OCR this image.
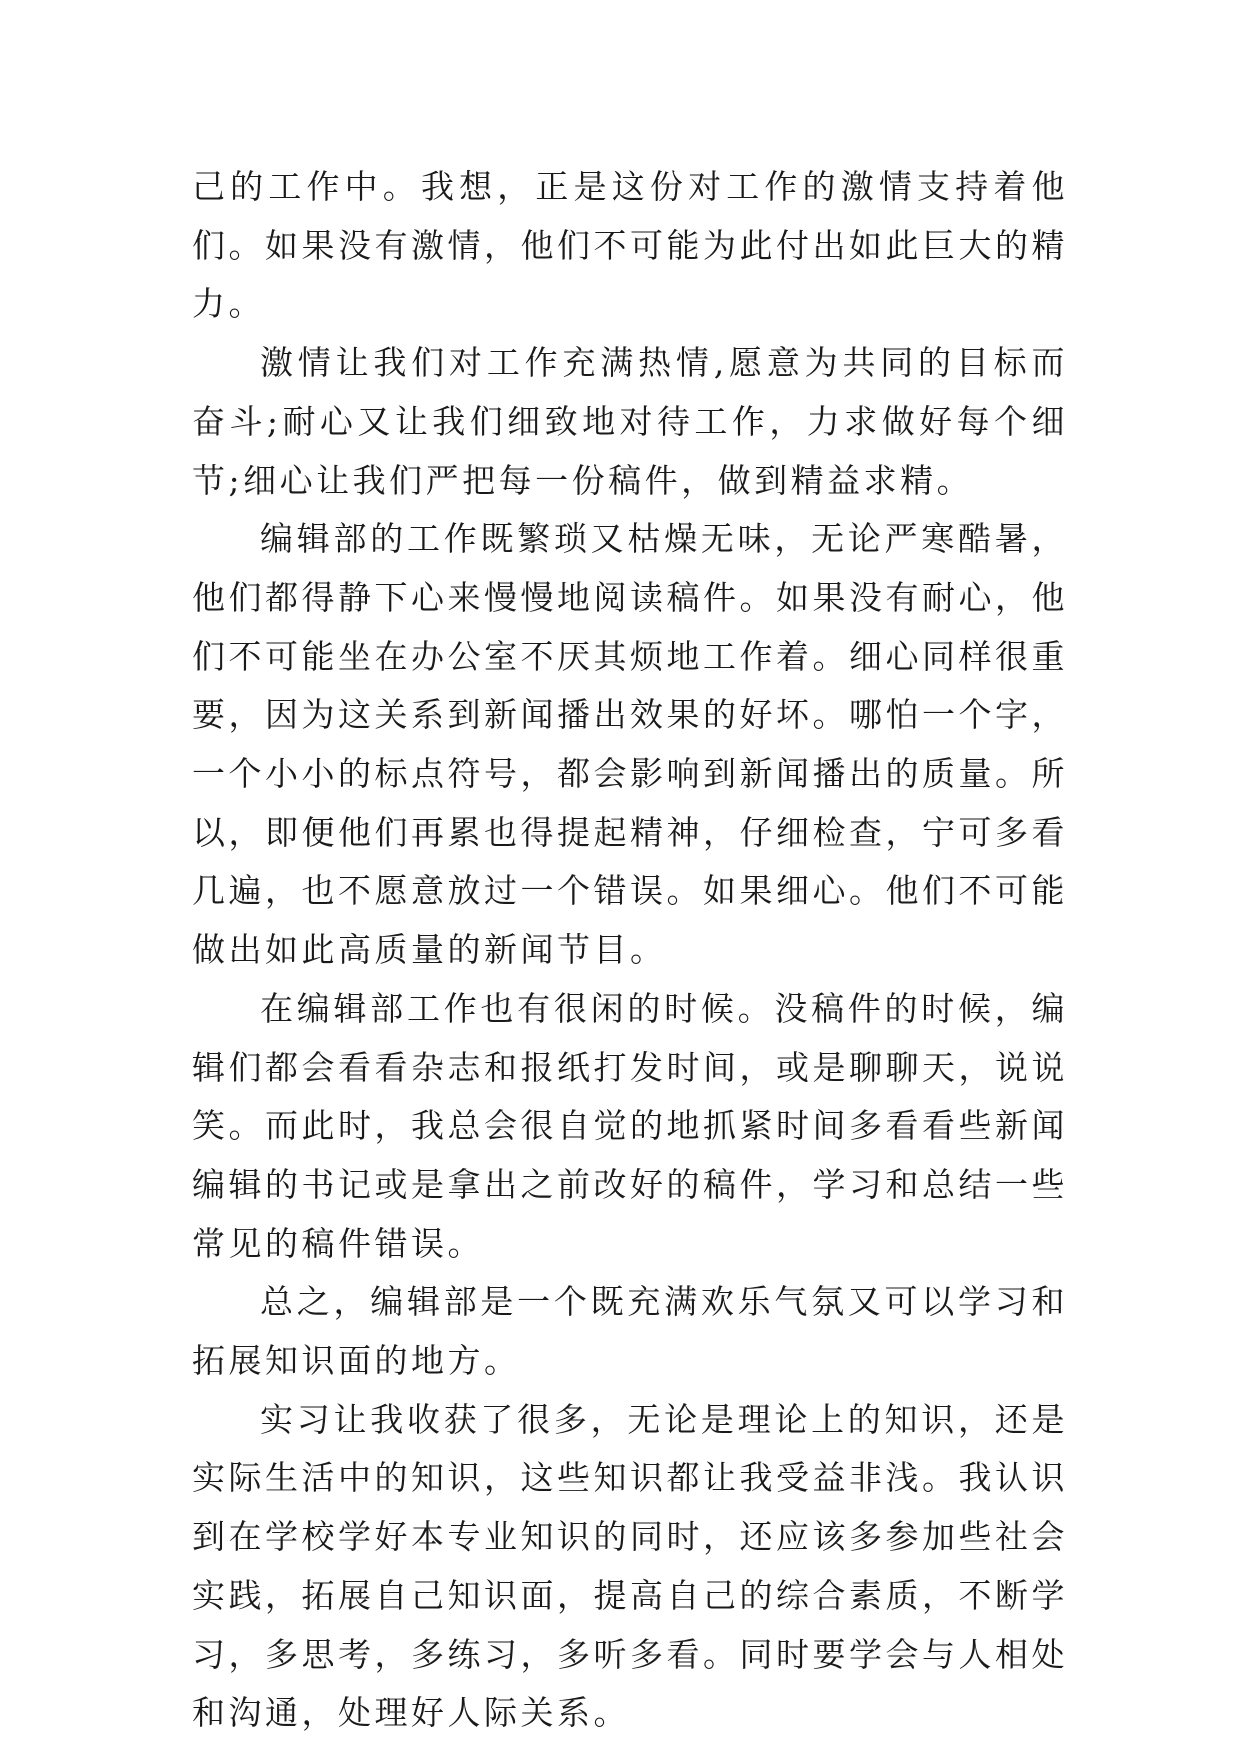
己的工作中。我想，正是这份对工作的激情支持着他们。如果没有激情，他们不可能为此付出如此巨大的精力。

激情让我们对工作充满热情,愿意为共同的目标而奋斗;耐心又让我们细致地对待工作，力求做好每个细节;细心让我们严把每一份稿件，做到精益求精。

编辑部的工作既繁琐又枯燥无味，无论严寒酷暑，他们都得静下心来慢慢地阅读稿件。如果没有耐心，他们不可能坐在办公室不厌其烦地工作着。细心同样很重要，因为这关系到新闻播出效果的好坏。哪怕一个字，一个小小的标点符号，都会影响到新闻播出的质量。所以，即便他们再累也得提起精神，仔细检查，宁可多看几遍，也不愿意放过一个错误。如果细心。他们不可能做出如此高质量的新闻节目。

在编辑部工作也有很闲的时候。没稿件的时候，编辑们都会看看杂志和报纸打发时间，或是聊聊天，说说笑。而此时，我总会很自觉的地抓紧时间多看看些新闻编辑的书记或是拿出之前改好的稿件，学习和总结一些常见的稿件错误。

总之，编辑部是一个既充满欢乐气氛又可以学习和拓展知识面的地方。

实习让我收获了很多，无论是理论上的知识，还是实际生活中的知识，这些知识都让我受益非浅。我认识到在学校学好本专业知识的同时，还应该多参加些社会实践，拓展自己知识面，提高自己的综合素质，不断学习，多思考，多练习，多听多看。同时要学会与人相处和沟通，处理好人际关系。
